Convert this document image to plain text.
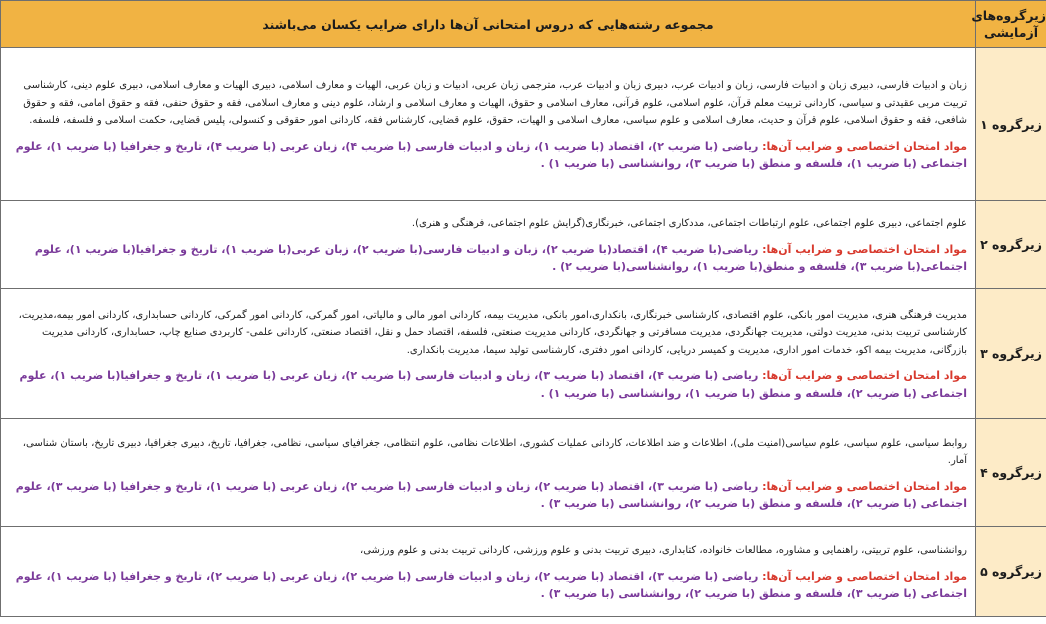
زیرگروه‌های آزمایشی	مجموعه رشته‌هایی که دروس امتحانی آن‌ها دارای ضرایب یکسان می‌باشند
زیرگروه ۱	زبان و ادبیات فارسی، دبیری زبان و ادبیات فارسی، زبان و ادبیات عرب، دبیری زبان و ادبیات عرب، مترجمی زبان عربی، ادبیات و زبان عربی، الهیات و معارف اسلامی، دبیری الهیات و معارف اسلامی، دبیری علوم دینی، کارشناسی تربیت مربی عقیدتی و سیاسی، کاردانی تربیت معلم قرآن، علوم اسلامی، علوم قرآنی، معارف اسلامی و حقوق، الهیات و معارف اسلامی و ارشاد، علوم دینی و معارف اسلامی، فقه و حقوق حنفی، فقه و حقوق امامی، فقه و حقوق شافعی، فقه و حقوق اسلامی، علوم قرآن و حدیث، معارف اسلامی و علوم سیاسی، معارف اسلامی و الهیات، حقوق، علوم قضایی، کارشناس فقه، کاردانی امور حقوقی و کنسولی، پلیس قضایی، حکمت اسلامی و فلسفه، فلسفه.

مواد امتحان اختصاصی و ضرایب آن‌ها: ریاضی (با ضریب ۲)، اقتصاد (با ضریب ۱)، زبان و ادبیات فارسی (با ضریب ۴)، زبان عربی (با ضریب ۴)، تاریخ و جغرافیا (با ضریب ۱)، علوم اجتماعی (با ضریب ۱)، فلسفه و منطق (با ضریب ۳)، روانشناسی (با ضریب ۱) .

زیرگروه ۲	علوم اجتماعی، دبیری علوم اجتماعی، علوم ارتباطات اجتماعی، مددکاری اجتماعی، خبرنگاری(گرایش علوم اجتماعی، فرهنگی و هنری).

مواد امتحان اختصاصی و ضرایب آن‌ها: ریاضی(با ضریب ۴)، اقتصاد(با ضریب ۲)، زبان و ادبیات فارسی(با ضریب ۲)، زبان عربی(با ضریب ۱)، تاریخ و جغرافیا(با ضریب ۱)، علوم اجتماعی(با ضریب ۳)، فلسفه و منطق(با ضریب ۱)، روانشناسی(با ضریب ۲) .

زیرگروه ۳	مدیریت فرهنگی هنری، مدیریت امور بانکی، علوم اقتصادی، کارشناسی خبرنگاری، بانکداری،امور بانکی، مدیریت بیمه، کاردانی امور مالی و مالیاتی، امور گمرکی، کاردانی امور گمرکی، کاردانی حسابداری، کاردانی امور بیمه،مدیریت، کارشناسی تربیت بدنی، مدیریت دولتی، مدیریت جهانگردی، مدیریت مسافرتی و جهانگردی، کاردانی مدیریت صنعتی، فلسفه، اقتصاد حمل و نقل، اقتصاد صنعتی، کاردانی علمی- کاربردی صنایع چاپ، حسابداری، کاردانی مدیریت بازرگانی، مدیریت بیمه اکو، خدمات امور اداری، مدیریت و کمیسر دریایی، کاردانی امور دفتری، کارشناسی تولید سیما، مدیریت بانکداری.

مواد امتحان اختصاصی و ضرایب آن‌ها: ریاضی (با ضریب ۴)، اقتصاد (با ضریب ۳)، زبان و ادبیات فارسی (با ضریب ۲)، زبان عربی (با ضریب ۱)، تاریخ و جغرافیا(با ضریب ۱)، علوم اجتماعی (با ضریب ۲)، فلسفه و منطق (با ضریب ۱)، روانشناسی (با ضریب ۱) .

زیرگروه ۴	روابط سیاسی، علوم سیاسی، علوم سیاسی(امنیت ملی)، اطلاعات و ضد اطلاعات، کاردانی عملیات کشوری، اطلاعات نظامی، علوم انتظامی، جغرافیای سیاسی، نظامی، جغرافیا، تاریخ، دبیری جغرافیا، دبیری تاریخ، باستان شناسی، آمار.

مواد امتحان اختصاصی و ضرایب آن‌ها: ریاضی (با ضریب ۳)، اقتصاد (با ضریب ۲)، زبان و ادبیات فارسی (با ضریب ۲)، زبان عربی (با ضریب ۱)، تاریخ و جغرافیا (با ضریب ۳)، علوم اجتماعی (با ضریب ۲)، فلسفه و منطق (با ضریب ۲)، روانشناسی (با ضریب ۳) .

زیرگروه ۵	روانشناسی، علوم تربیتی، راهنمایی و مشاوره، مطالعات خانواده، کتابداری، دبیری تربیت بدنی و علوم ورزشی، کاردانی تربیت بدنی و علوم ورزشی،

مواد امتحان اختصاصی و ضرایب آن‌ها: ریاضی (با ضریب ۳)، اقتصاد (با ضریب ۲)، زبان و ادبیات فارسی (با ضریب ۲)، زبان عربی (با ضریب ۲)، تاریخ و جغرافیا (با ضریب ۱)، علوم اجتماعی (با ضریب ۳)، فلسفه و منطق (با ضریب ۲)، روانشناسی (با ضریب ۳) .
